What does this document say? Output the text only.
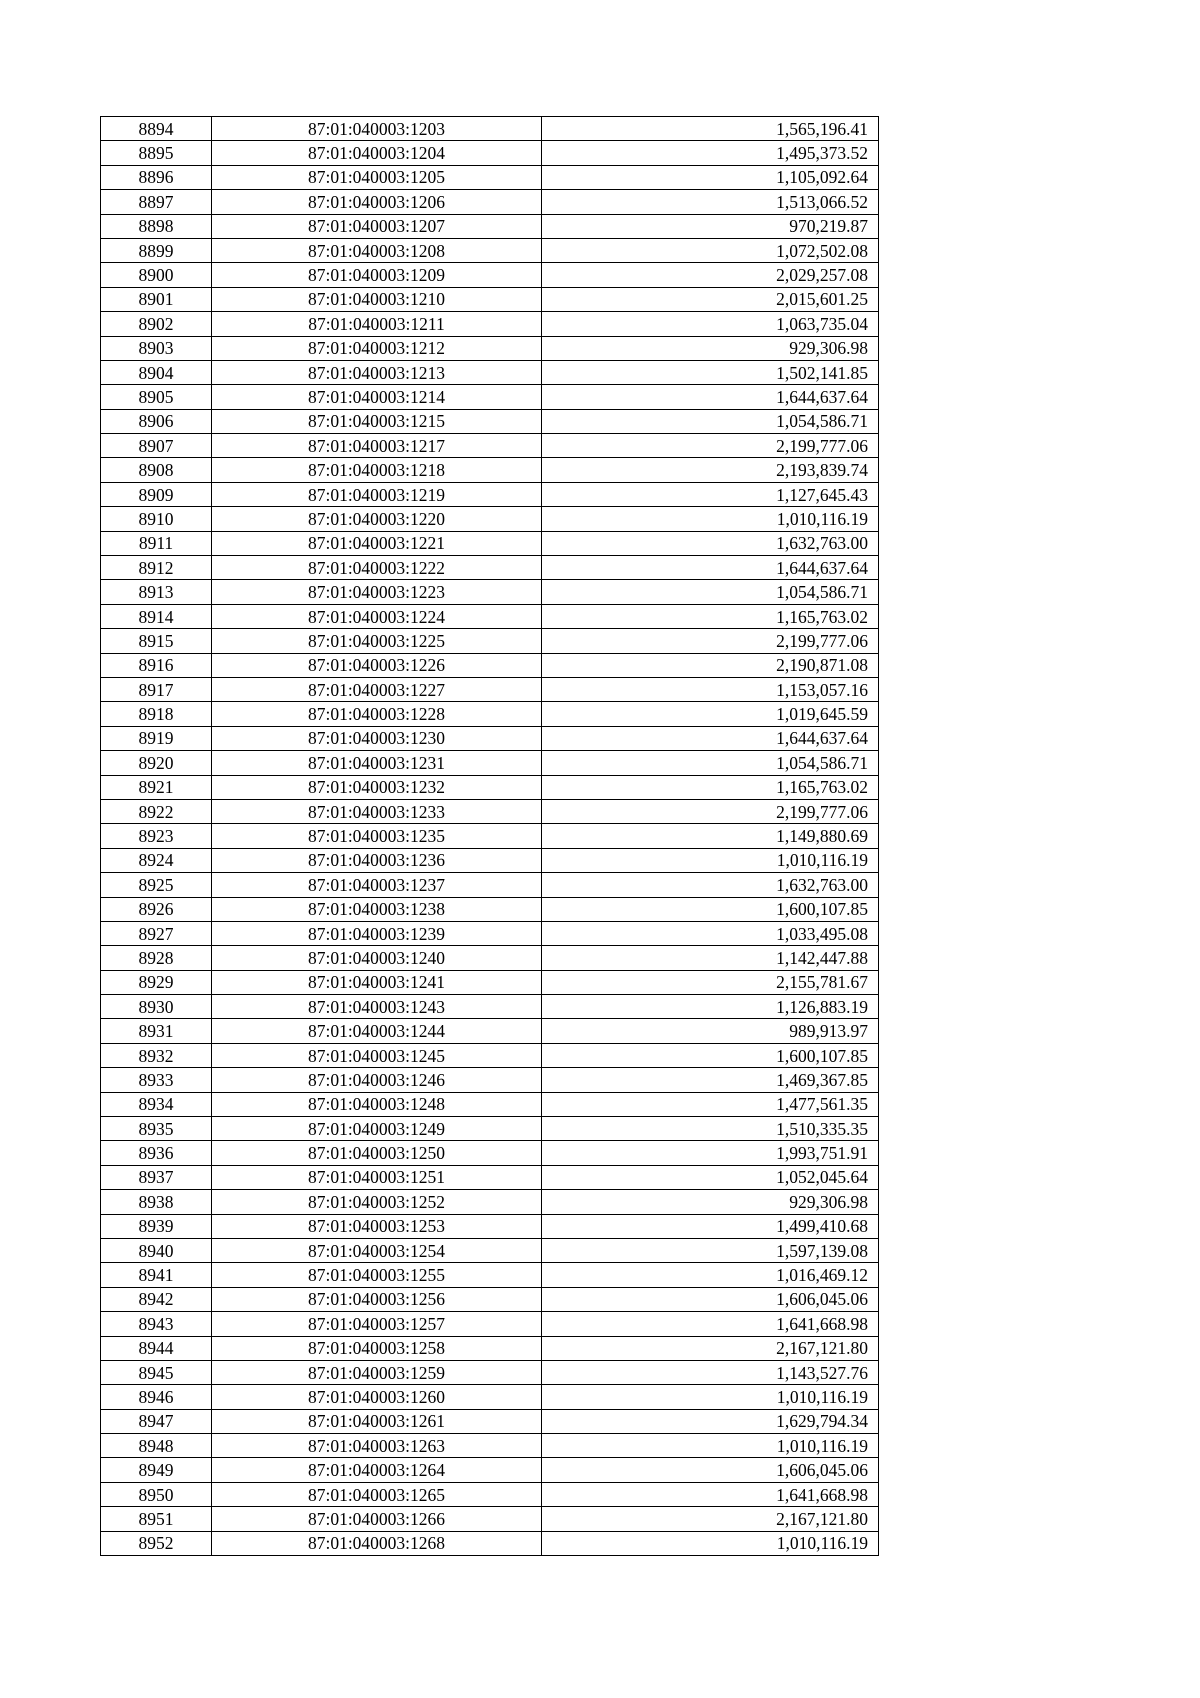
8894	87:01:040003:1203	1,565,196.41
8895	87:01:040003:1204	1,495,373.52
8896	87:01:040003:1205	1,105,092.64
8897	87:01:040003:1206	1,513,066.52
8898	87:01:040003:1207	970,219.87
8899	87:01:040003:1208	1,072,502.08
8900	87:01:040003:1209	2,029,257.08
8901	87:01:040003:1210	2,015,601.25
8902	87:01:040003:1211	1,063,735.04
8903	87:01:040003:1212	929,306.98
8904	87:01:040003:1213	1,502,141.85
8905	87:01:040003:1214	1,644,637.64
8906	87:01:040003:1215	1,054,586.71
8907	87:01:040003:1217	2,199,777.06
8908	87:01:040003:1218	2,193,839.74
8909	87:01:040003:1219	1,127,645.43
8910	87:01:040003:1220	1,010,116.19
8911	87:01:040003:1221	1,632,763.00
8912	87:01:040003:1222	1,644,637.64
8913	87:01:040003:1223	1,054,586.71
8914	87:01:040003:1224	1,165,763.02
8915	87:01:040003:1225	2,199,777.06
8916	87:01:040003:1226	2,190,871.08
8917	87:01:040003:1227	1,153,057.16
8918	87:01:040003:1228	1,019,645.59
8919	87:01:040003:1230	1,644,637.64
8920	87:01:040003:1231	1,054,586.71
8921	87:01:040003:1232	1,165,763.02
8922	87:01:040003:1233	2,199,777.06
8923	87:01:040003:1235	1,149,880.69
8924	87:01:040003:1236	1,010,116.19
8925	87:01:040003:1237	1,632,763.00
8926	87:01:040003:1238	1,600,107.85
8927	87:01:040003:1239	1,033,495.08
8928	87:01:040003:1240	1,142,447.88
8929	87:01:040003:1241	2,155,781.67
8930	87:01:040003:1243	1,126,883.19
8931	87:01:040003:1244	989,913.97
8932	87:01:040003:1245	1,600,107.85
8933	87:01:040003:1246	1,469,367.85
8934	87:01:040003:1248	1,477,561.35
8935	87:01:040003:1249	1,510,335.35
8936	87:01:040003:1250	1,993,751.91
8937	87:01:040003:1251	1,052,045.64
8938	87:01:040003:1252	929,306.98
8939	87:01:040003:1253	1,499,410.68
8940	87:01:040003:1254	1,597,139.08
8941	87:01:040003:1255	1,016,469.12
8942	87:01:040003:1256	1,606,045.06
8943	87:01:040003:1257	1,641,668.98
8944	87:01:040003:1258	2,167,121.80
8945	87:01:040003:1259	1,143,527.76
8946	87:01:040003:1260	1,010,116.19
8947	87:01:040003:1261	1,629,794.34
8948	87:01:040003:1263	1,010,116.19
8949	87:01:040003:1264	1,606,045.06
8950	87:01:040003:1265	1,641,668.98
8951	87:01:040003:1266	2,167,121.80
8952	87:01:040003:1268	1,010,116.19
